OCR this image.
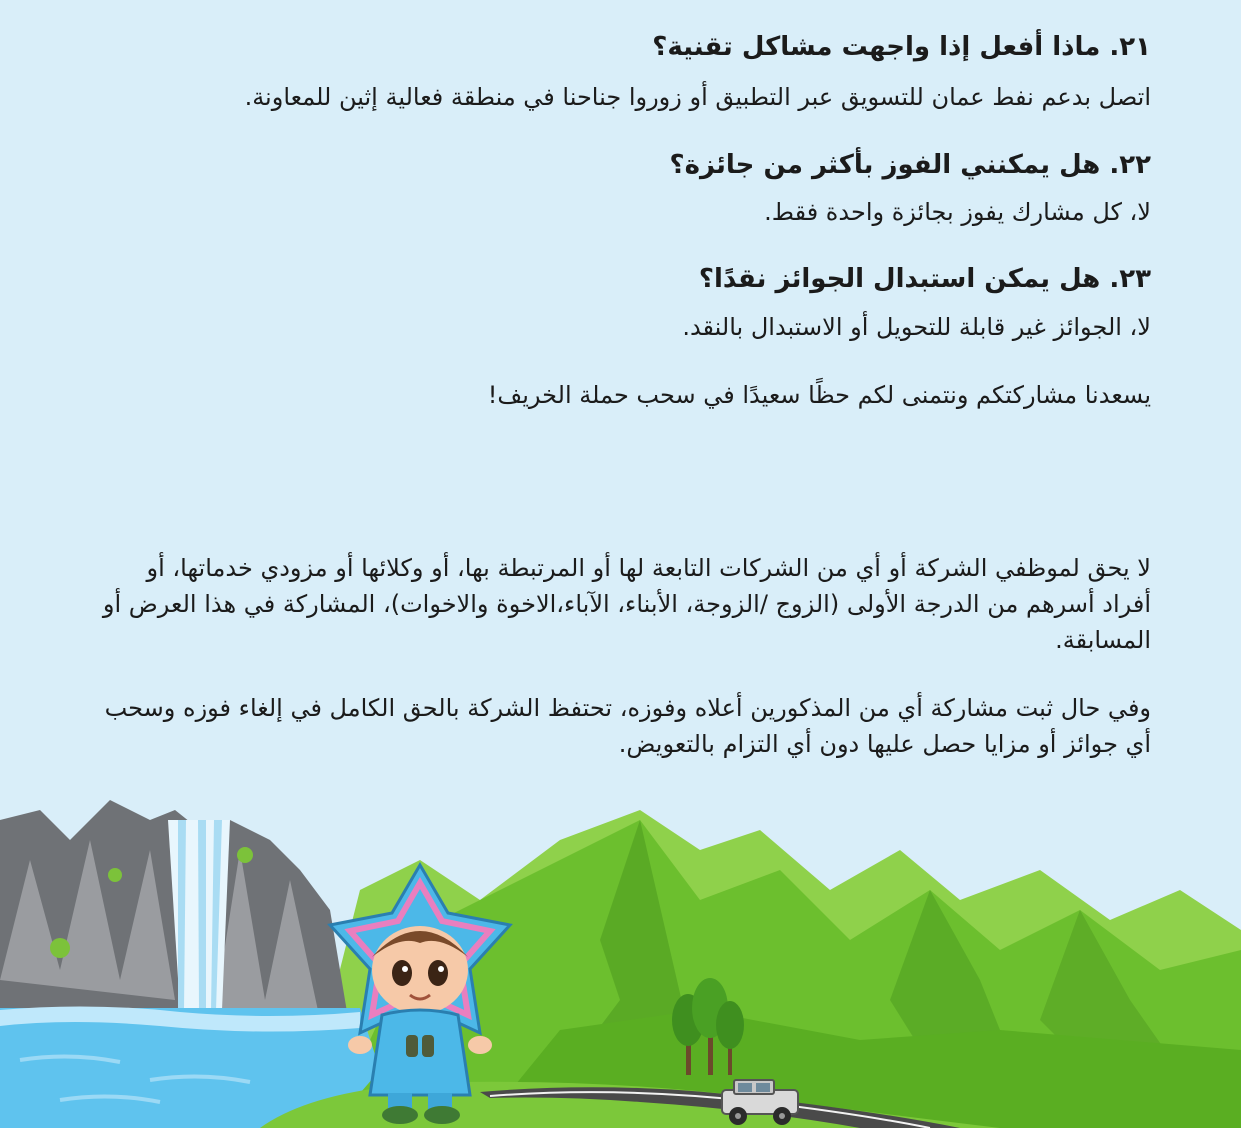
٢١. ماذا أفعل إذا واجهت مشاكل تقنية؟
اتصل بدعم نفط عمان للتسويق عبر التطبيق أو زوروا جناحنا في منطقة فعالية إثين للمعاونة.
٢٢. هل يمكنني الفوز بأكثر من جائزة؟
لا، كل مشارك يفوز بجائزة واحدة فقط.
٢٣. هل يمكن استبدال الجوائز نقدًا؟
لا، الجوائز غير قابلة للتحويل أو الاستبدال بالنقد.
يسعدنا مشاركتكم ونتمنى لكم حظًا سعيدًا في سحب حملة الخريف!
لا يحق لموظفي الشركة أو أي من الشركات التابعة لها أو المرتبطة بها، أو وكلائها أو مزودي خدماتها، أو أفراد أسرهم من الدرجة الأولى (الزوج /الزوجة، الأبناء، الآباء،الاخوة والاخوات)، المشاركة في هذا العرض أو المسابقة.
وفي حال ثبت مشاركة أي من المذكورين أعلاه وفوزه، تحتفظ الشركة بالحق الكامل في إلغاء فوزه وسحب أي جوائز أو مزايا حصل عليها دون أي التزام بالتعويض.
